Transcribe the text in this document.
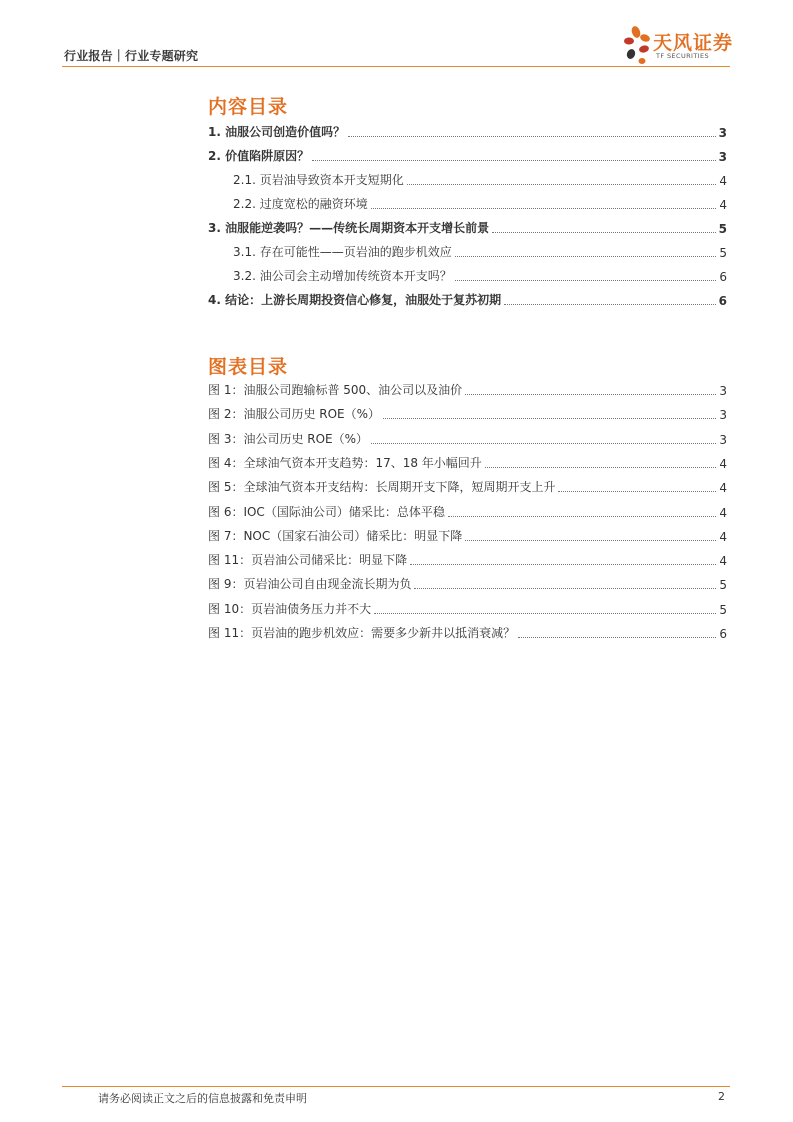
行业报告｜行业专题研究
天风证券
TF SECURITIES
内容目录
1. 油服公司创造价值吗？	3
2. 价值陷阱原因？	3
2.1. 页岩油导致资本开支短期化	4
2.2. 过度宽松的融资环境	4
3. 油服能逆袭吗？——传统长周期资本开支增长前景	5
3.1. 存在可能性——页岩油的跑步机效应	5
3.2. 油公司会主动增加传统资本开支吗？	6
4. 结论：上游长周期投资信心修复，油服处于复苏初期	6
图表目录
图 1：油服公司跑输标普 500、油公司以及油价	3
图 2：油服公司历史 ROE（%）	3
图 3：油公司历史 ROE（%）	3
图 4：全球油气资本开支趋势：17、18 年小幅回升	4
图 5：全球油气资本开支结构：长周期开支下降，短周期开支上升	4
图 6：IOC（国际油公司）储采比：总体平稳	4
图 7：NOC（国家石油公司）储采比：明显下降	4
图 11：页岩油公司储采比：明显下降	4
图 9：页岩油公司自由现金流长期为负	5
图 10：页岩油债务压力并不大	5
图 11：页岩油的跑步机效应：需要多少新井以抵消衰减？	6
请务必阅读正文之后的信息披露和免责申明	2
